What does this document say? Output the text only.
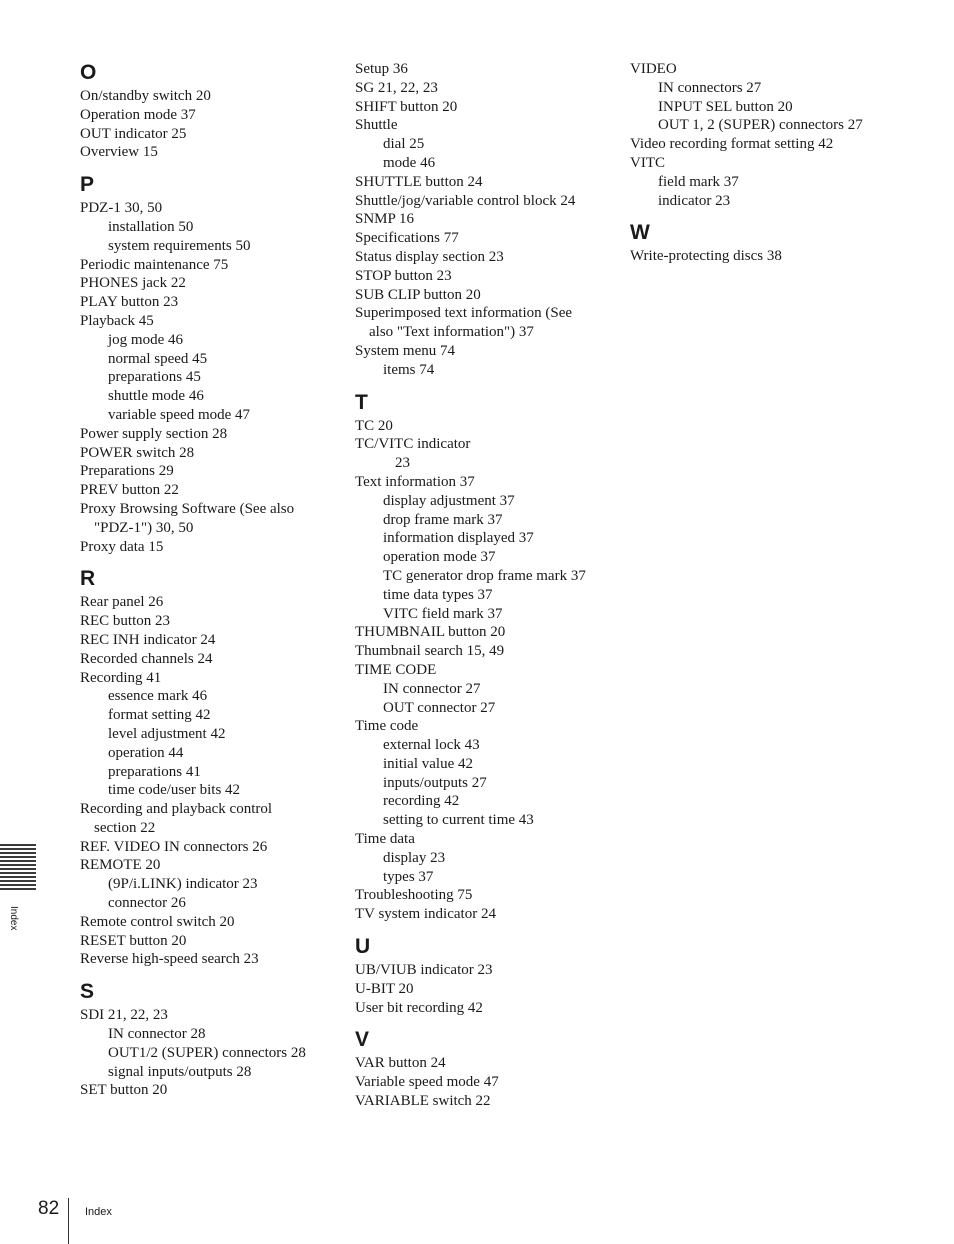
O
On/standby switch 20
Operation mode 37
OUT indicator 25
Overview 15
P
PDZ-1 30, 50
installation 50
system requirements 50
Periodic maintenance 75
PHONES jack 22
PLAY button 23
Playback 45
jog mode 46
normal speed 45
preparations 45
shuttle mode 46
variable speed mode 47
Power supply section 28
POWER switch 28
Preparations 29
PREV button 22
Proxy Browsing Software (See also
"PDZ-1") 30, 50
Proxy data 15
R
Rear panel 26
REC button 23
REC INH indicator 24
Recorded channels 24
Recording 41
essence mark 46
format setting 42
level adjustment 42
operation 44
preparations 41
time code/user bits 42
Recording and playback control
section 22
REF. VIDEO IN connectors 26
REMOTE 20
(9P/i.LINK) indicator 23
connector 26
Remote control switch 20
RESET button 20
Reverse high-speed search 23
S
SDI 21, 22, 23
IN connector 28
OUT1/2 (SUPER) connectors 28
signal inputs/outputs 28
SET button 20
Setup 36
SG 21, 22, 23
SHIFT button 20
Shuttle
dial 25
mode 46
SHUTTLE button 24
Shuttle/jog/variable control block 24
SNMP 16
Specifications 77
Status display section 23
STOP button 23
SUB CLIP button 20
Superimposed text information (See
also "Text information") 37
System menu 74
items 74
T
TC 20
TC/VITC indicator
23
Text information 37
display adjustment 37
drop frame mark 37
information displayed 37
operation mode 37
TC generator drop frame mark 37
time data types 37
VITC field mark 37
THUMBNAIL button 20
Thumbnail search 15, 49
TIME CODE
IN connector 27
OUT connector 27
Time code
external lock 43
initial value 42
inputs/outputs 27
recording 42
setting to current time 43
Time data
display 23
types 37
Troubleshooting 75
TV system indicator 24
U
UB/VIUB indicator 23
U-BIT 20
User bit recording 42
V
VAR button 24
Variable speed mode 47
VARIABLE switch 22
VIDEO
IN connectors 27
INPUT SEL button 20
OUT 1, 2 (SUPER) connectors 27
Video recording format setting 42
VITC
field mark 37
indicator 23
W
Write-protecting discs 38
Index
82 Index
